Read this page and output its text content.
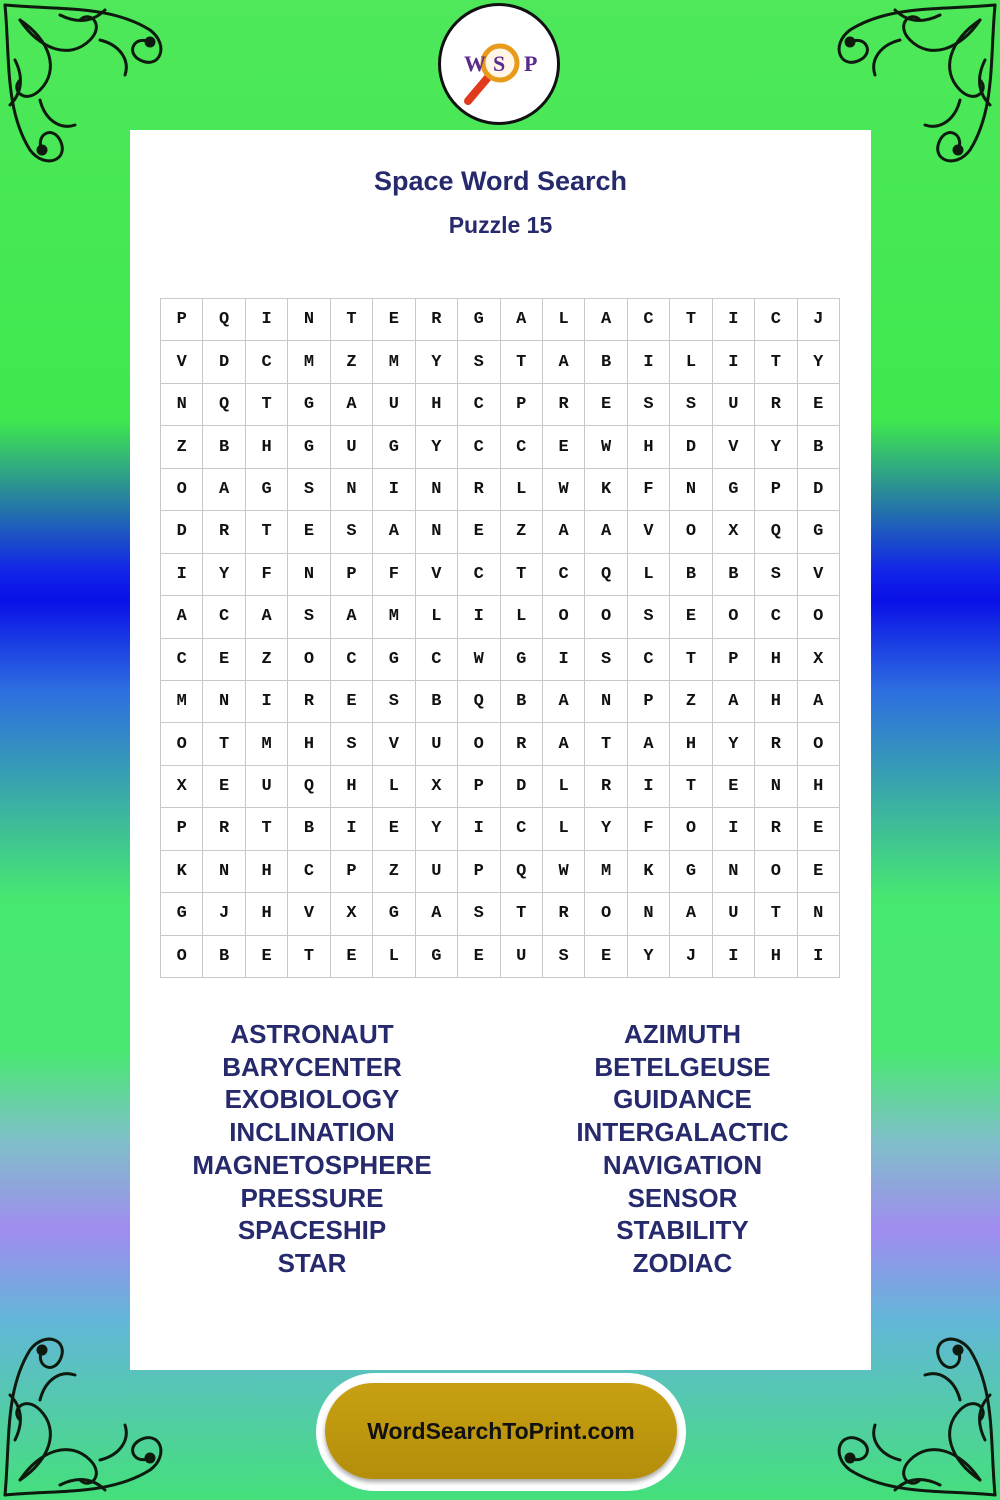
W S P
Space Word Search
Puzzle 15
P	Q	I	N	T	E	R	G	A	L	A	C	T	I	C	J
V	D	C	M	Z	M	Y	S	T	A	B	I	L	I	T	Y
N	Q	T	G	A	U	H	C	P	R	E	S	S	U	R	E
Z	B	H	G	U	G	Y	C	C	E	W	H	D	V	Y	B
O	A	G	S	N	I	N	R	L	W	K	F	N	G	P	D
D	R	T	E	S	A	N	E	Z	A	A	V	O	X	Q	G
I	Y	F	N	P	F	V	C	T	C	Q	L	B	B	S	V
A	C	A	S	A	M	L	I	L	O	O	S	E	O	C	O
C	E	Z	O	C	G	C	W	G	I	S	C	T	P	H	X
M	N	I	R	E	S	B	Q	B	A	N	P	Z	A	H	A
O	T	M	H	S	V	U	O	R	A	T	A	H	Y	R	O
X	E	U	Q	H	L	X	P	D	L	R	I	T	E	N	H
P	R	T	B	I	E	Y	I	C	L	Y	F	O	I	R	E
K	N	H	C	P	Z	U	P	Q	W	M	K	G	N	O	E
G	J	H	V	X	G	A	S	T	R	O	N	A	U	T	N
O	B	E	T	E	L	G	E	U	S	E	Y	J	I	H	I
ASTRONAUT
BARYCENTER
EXOBIOLOGY
INCLINATION
MAGNETOSPHERE
PRESSURE
SPACESHIP
STAR
AZIMUTH
BETELGEUSE
GUIDANCE
INTERGALACTIC
NAVIGATION
SENSOR
STABILITY
ZODIAC
WordSearchToPrint.com
